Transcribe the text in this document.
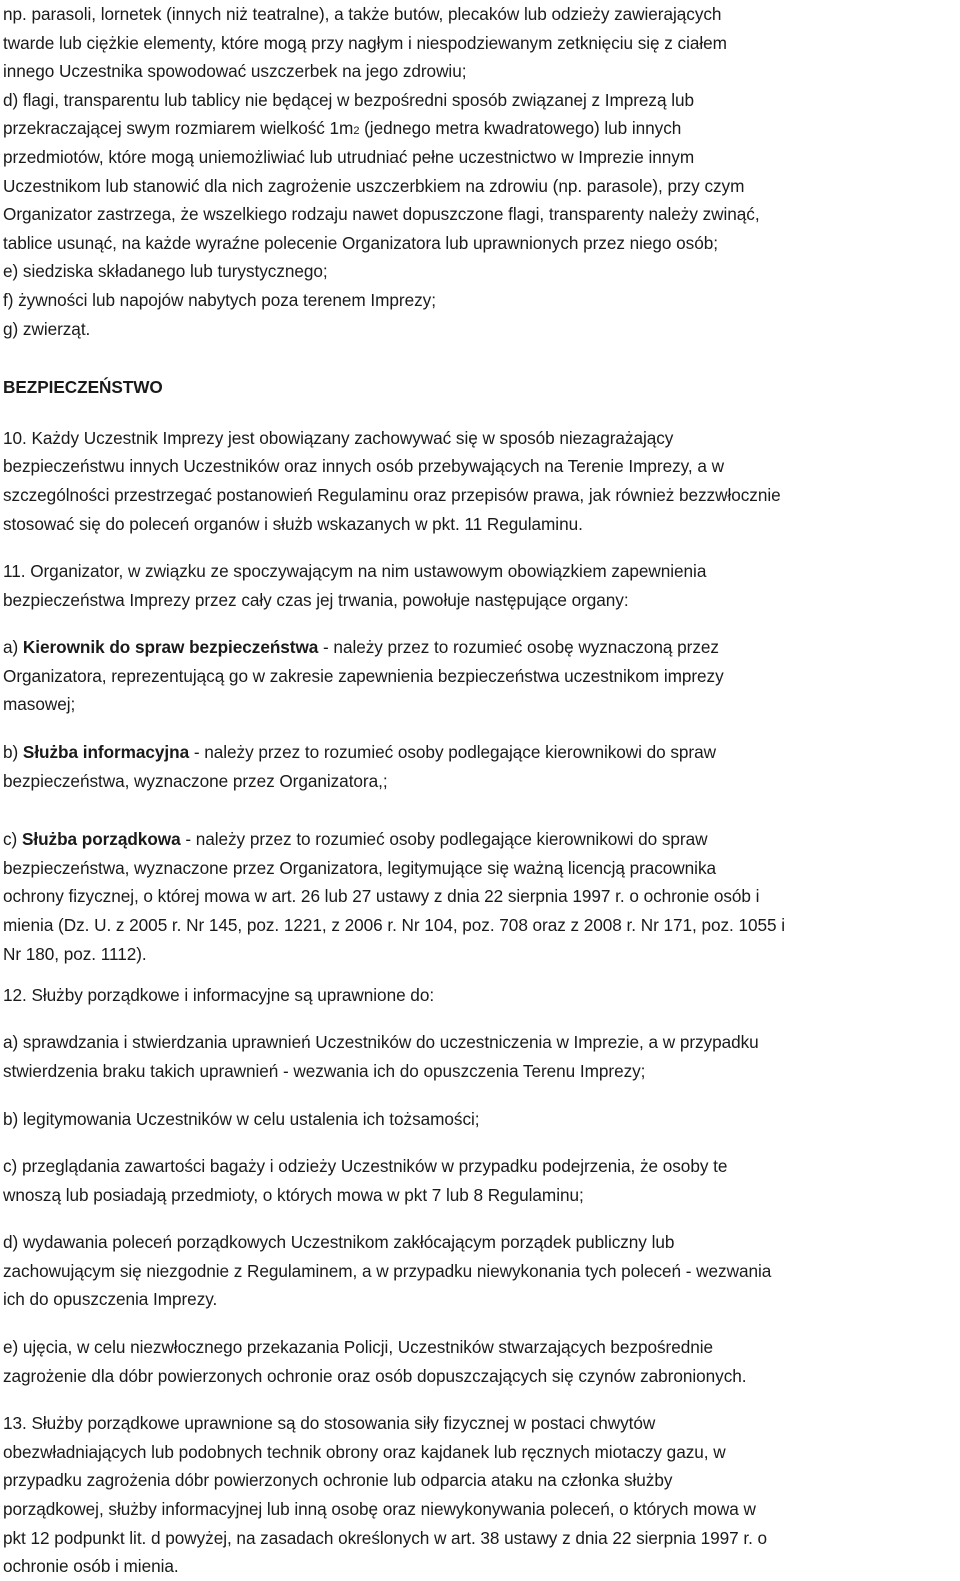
np. parasoli, lornetek (innych niż teatralne), a także butów, plecaków lub odzieży zawierających
twarde lub ciężkie elementy, które mogą przy nagłym i niespodziewanym zetknięciu się z ciałem
innego Uczestnika spowodować uszczerbek na jego zdrowiu;
d) flagi, transparentu lub tablicy nie będącej w bezpośredni sposób związanej z Imprezą lub
przekraczającej swym rozmiarem wielkość 1m2 (jednego metra kwadratowego) lub innych
przedmiotów, które mogą uniemożliwiać lub utrudniać pełne uczestnictwo w Imprezie innym
Uczestnikom lub stanowić dla nich zagrożenie uszczerbkiem na zdrowiu (np. parasole), przy czym
Organizator zastrzega, że wszelkiego rodzaju nawet dopuszczone flagi, transparenty należy zwinąć,
tablice usunąć, na każde wyraźne polecenie Organizatora lub uprawnionych przez niego osób;
e) siedziska składanego lub turystycznego;
f) żywności lub napojów nabytych poza terenem Imprezy;
g) zwierząt.
BEZPIECZEŃSTWO
10. Każdy Uczestnik Imprezy jest obowiązany zachowywać się w sposób niezagrażający
bezpieczeństwu innych Uczestników oraz innych osób przebywających na Terenie Imprezy, a w
szczególności przestrzegać postanowień Regulaminu oraz przepisów prawa, jak również bezzwłocznie
stosować się do poleceń organów i służb wskazanych w pkt. 11 Regulaminu.
11. Organizator, w związku ze spoczywającym na nim ustawowym obowiązkiem zapewnienia
bezpieczeństwa Imprezy przez cały czas jej trwania, powołuje następujące organy:
a) Kierownik do spraw bezpieczeństwa - należy przez to rozumieć osobę wyznaczoną przez
Organizatora, reprezentującą go w zakresie zapewnienia bezpieczeństwa uczestnikom imprezy
masowej;
b) Służba informacyjna - należy przez to rozumieć osoby podlegające kierownikowi do spraw
bezpieczeństwa, wyznaczone przez Organizatora,;
c) Służba porządkowa - należy przez to rozumieć osoby podlegające kierownikowi do spraw
bezpieczeństwa, wyznaczone przez Organizatora, legitymujące się ważną licencją pracownika
ochrony fizycznej, o której mowa w art. 26 lub 27 ustawy z dnia 22 sierpnia 1997 r. o ochronie osób i
mienia (Dz. U. z 2005 r. Nr 145, poz. 1221, z 2006 r. Nr 104, poz. 708 oraz z 2008 r. Nr 171, poz. 1055 i
Nr 180, poz. 1112).
12. Służby porządkowe i informacyjne są uprawnione do:
a) sprawdzania i stwierdzania uprawnień Uczestników do uczestniczenia w Imprezie, a w przypadku
stwierdzenia braku takich uprawnień - wezwania ich do opuszczenia Terenu Imprezy;
b) legitymowania Uczestników w celu ustalenia ich tożsamości;
c) przeglądania zawartości bagaży i odzieży Uczestników w przypadku podejrzenia, że osoby te
wnoszą lub posiadają przedmioty, o których mowa w pkt 7 lub 8 Regulaminu;
d) wydawania poleceń porządkowych Uczestnikom zakłócającym porządek publiczny lub
zachowującym się niezgodnie z Regulaminem, a w przypadku niewykonania tych poleceń - wezwania
ich do opuszczenia Imprezy.
e) ujęcia, w celu niezwłocznego przekazania Policji, Uczestników stwarzających bezpośrednie
zagrożenie dla dóbr powierzonych ochronie oraz osób dopuszczających się czynów zabronionych.
13. Służby porządkowe uprawnione są do stosowania siły fizycznej w postaci chwytów
obezwładniających lub podobnych technik obrony oraz kajdanek lub ręcznych miotaczy gazu, w
przypadku zagrożenia dóbr powierzonych ochronie lub odparcia ataku na członka służby
porządkowej, służby informacyjnej lub inną osobę oraz niewykonywania poleceń, o których mowa w
pkt 12 podpunkt lit. d powyżej, na zasadach określonych w art. 38 ustawy z dnia 22 sierpnia 1997 r. o
ochronie osób i mienia.
